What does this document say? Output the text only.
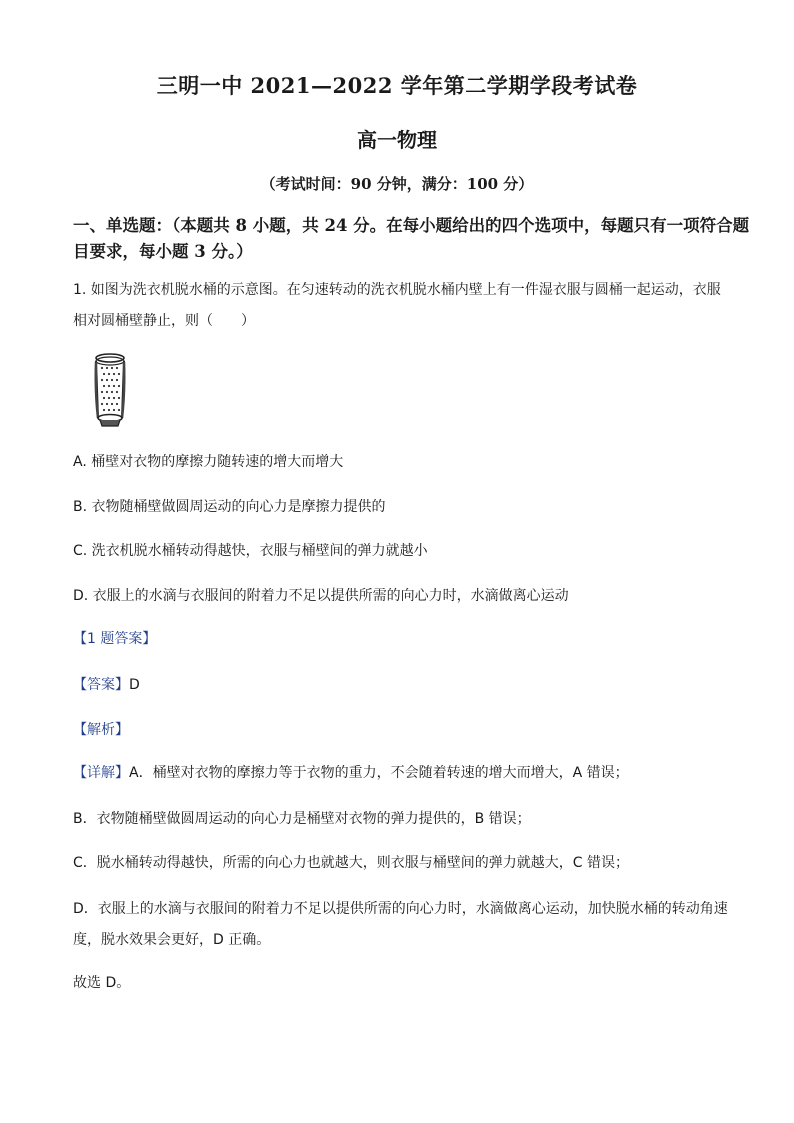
三明一中 2021—2022 学年第二学期学段考试卷
高一物理
（考试时间：90 分钟，满分：100 分）
一、单选题：（本题共 8 小题，共 24 分。在每小题给出的四个选项中，每题只有一项符合题
目要求，每小题 3 分。）
1. 如图为洗衣机脱水桶的示意图。在匀速转动的洗衣机脱水桶内壁上有一件湿衣服与圆桶一起运动，衣服
相对圆桶壁静止，则（　　）
A. 桶壁对衣物的摩擦力随转速的增大而增大
B. 衣物随桶壁做圆周运动的向心力是摩擦力提供的
C. 洗衣机脱水桶转动得越快，衣服与桶壁间的弹力就越小
D. 衣服上的水滴与衣服间的附着力不足以提供所需的向心力时，水滴做离心运动
【1 题答案】
【答案】D
【解析】
【详解】A．桶壁对衣物的摩擦力等于衣物的重力，不会随着转速的增大而增大，A 错误；
B．衣物随桶壁做圆周运动的向心力是桶壁对衣物的弹力提供的，B 错误；
C．脱水桶转动得越快，所需的向心力也就越大，则衣服与桶壁间的弹力就越大，C 错误；
D．衣服上的水滴与衣服间的附着力不足以提供所需的向心力时，水滴做离心运动，加快脱水桶的转动角速
度，脱水效果会更好，D 正确。
故选 D。
